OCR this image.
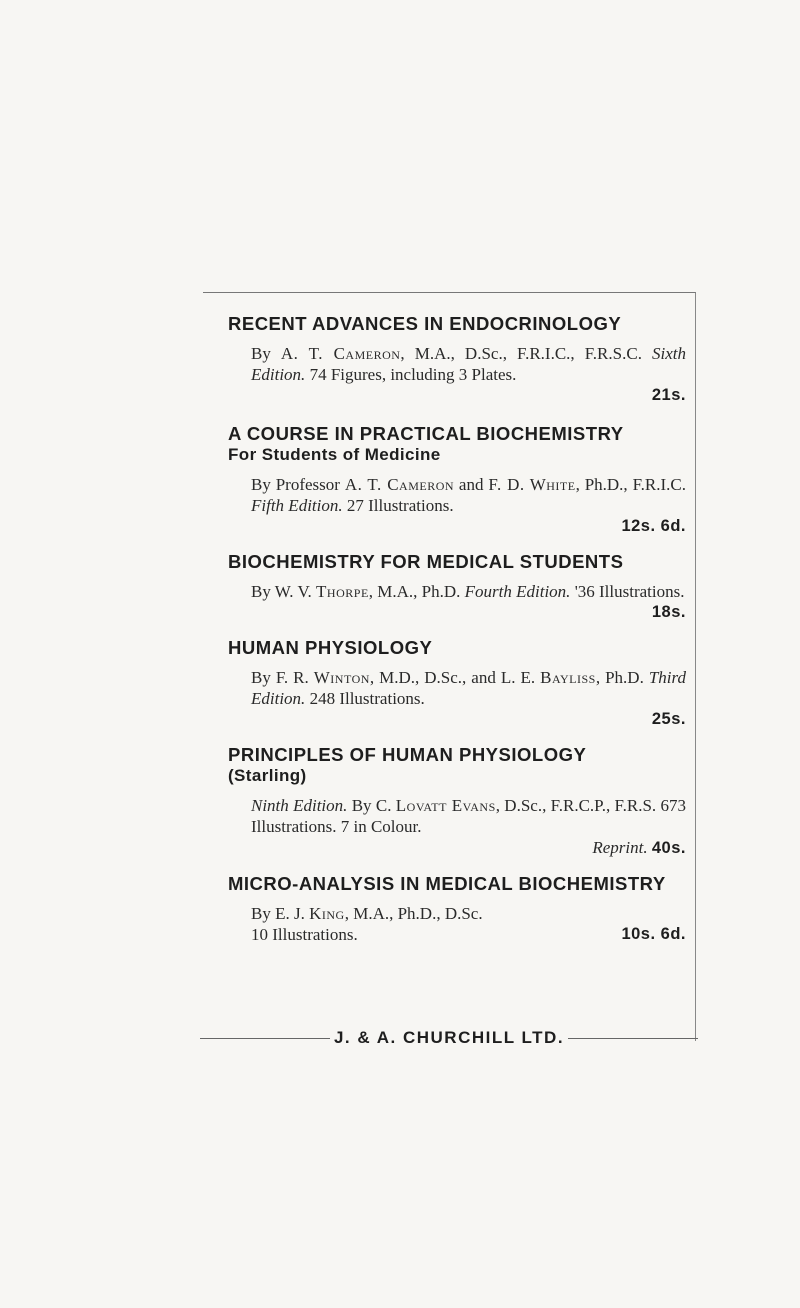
RECENT ADVANCES IN ENDOCRINOLOGY
By A. T. Cameron, M.A., D.Sc., F.R.I.C., F.R.S.C. Sixth Edition. 74 Figures, including 3 Plates.
21s.
A COURSE IN PRACTICAL BIOCHEMISTRY
For Students of Medicine
By Professor A. T. Cameron and F. D. White, Ph.D., F.R.I.C. Fifth Edition. 27 Illustrations.
12s. 6d.
BIOCHEMISTRY FOR MEDICAL STUDENTS
By W. V. Thorpe, M.A., Ph.D. Fourth Edition. '36 Illustrations.
18s.
HUMAN PHYSIOLOGY
By F. R. Winton, M.D., D.Sc., and L. E. Bayliss, Ph.D. Third Edition. 248 Illustrations.
25s.
PRINCIPLES OF HUMAN PHYSIOLOGY
(Starling)
Ninth Edition. By C. Lovatt Evans, D.Sc., F.R.C.P., F.R.S. 673 Illustrations. 7 in Colour.
Reprint. 40s.
MICRO-ANALYSIS IN MEDICAL BIOCHEMISTRY
By E. J. King, M.A., Ph.D., D.Sc.
10 Illustrations.	10s. 6d.
J. & A. CHURCHILL LTD.
